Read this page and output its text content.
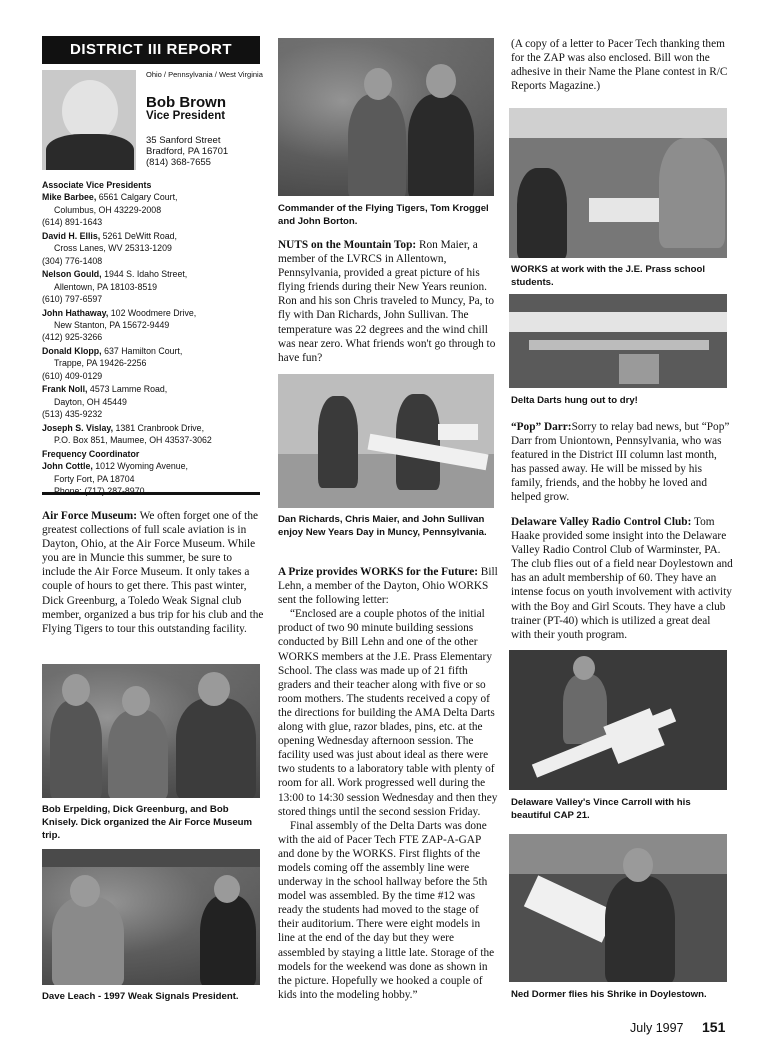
DISTRICT III REPORT
Ohio / Pennsylvania / West Virginia
Bob Brown
Vice President
35 Sanford Street
Bradford, PA 16701
(814) 368-7655
Associate Vice Presidents
Mike Barbee, 6561 Calgary Court,
Columbus, OH 43229-2008
(614) 891-1643
David H. Ellis, 5261 DeWitt Road,
Cross Lanes, WV 25313-1209
(304) 776-1408
Nelson Gould, 1944 S. Idaho Street,
Allentown, PA 18103-8519
(610) 797-6597
John Hathaway, 102 Woodmere Drive,
New Stanton, PA 15672-9449
(412) 925-3266
Donald Klopp, 637 Hamilton Court,
Trappe, PA 19426-2256
(610) 409-0129
Frank Noll, 4573 Lamme Road,
Dayton, OH 45449
(513) 435-9232
Joseph S. Vislay, 1381 Cranbrook Drive,
P.O. Box 851, Maumee, OH 43537-3062
Frequency Coordinator
John Cottle, 1012 Wyoming Avenue,
Forty Fort, PA 18704

Air Force Museum: We often forget one of the greatest collections of full scale aviation is in Dayton, Ohio, at the Air Force Museum. While you are in Muncie this summer, be sure to include the Air Force Museum. It only takes a couple of hours to get there. This past winter, Dick Greenburg, a Toledo Weak Signal club member, organized a bus trip for his club and the Flying Tigers to tour this outstanding facility.

Bob Erpelding, Dick Greenburg, and Bob Knisely. Dick organized the Air Force Museum trip.
Dave Leach - 1997 Weak Signals President.
Commander of the Flying Tigers, Tom Kroggel and John Borton.

NUTS on the Mountain Top: Ron Maier, a member of the LVRCS in Allentown, Pennsylvania, provided a great picture of his flying friends during their New Years reunion. Ron and his son Chris traveled to Muncy, Pa, to fly with Dan Richards, John Sullivan. The temperature was 22 degrees and the wind chill was near zero. What friends won't go through to have fun?

Dan Richards, Chris Maier, and John Sullivan enjoy New Years Day in Muncy, Pennsylvania.

A Prize provides WORKS for the Future: Bill Lehn, a member of the Dayton, Ohio WORKS sent the following letter:

“Enclosed are a couple photos of the initial product of two 90 minute building sessions conducted by Bill Lehn and one of the other WORKS members at the J.E. Prass Elementary School. The class was made up of 21 fifth graders and their teacher along with five or so room mothers. The students received a copy of the directions for building the AMA Delta Darts along with glue, razor blades, pins, etc. at the opening Wednesday afternoon session. The facility used was just about ideal as there were two students to a laboratory table with plenty of room for all. Work progressed well during the 13:00 to 14:30 session Wednesday and then they stored things until the second session Friday.

Final assembly of the Delta Darts was done with the aid of Pacer Tech FTE ZAP-A-GAP and done by the WORKS. First flights of the models coming off the assembly line were underway in the school hallway before the 5th model was assembled. By the time #12 was ready the students had moved to the stage of their auditorium. There were eight models in line at the end of the day but they were assembled by staying a little late. Storage of the models for the weekend was done as shown in the picture. Hopefully we hooked a couple of kids into the modeling hobby.”

(A copy of a letter to Pacer Tech thanking them for the ZAP was also enclosed. Bill won the adhesive in their Name the Plane contest in R/C Reports Magazine.)
WORKS at work with the J.E. Prass school students.
Delta Darts hung out to dry!

“Pop” Darr:Sorry to relay bad news, but “Pop” Darr from Uniontown, Pennsylvania, who was featured in the District III column last month, has passed away. He will be missed by his family, friends, and the hobby he loved and helped grow.

Delaware Valley Radio Control Club: Tom Haake provided some insight into the Delaware Valley Radio Control Club of Warminster, PA. The club flies out of a field near Doylestown and has an adult membership of 60. They have an intense focus on youth involvement with activity with the Boy and Girl Scouts. They have a club trainer (PT-40) which is utilized a great deal with their youth program.

Delaware Valley's Vince Carroll with his beautiful CAP 21.
Ned Dormer flies his Shrike in Doylestown.
July 1997 151
